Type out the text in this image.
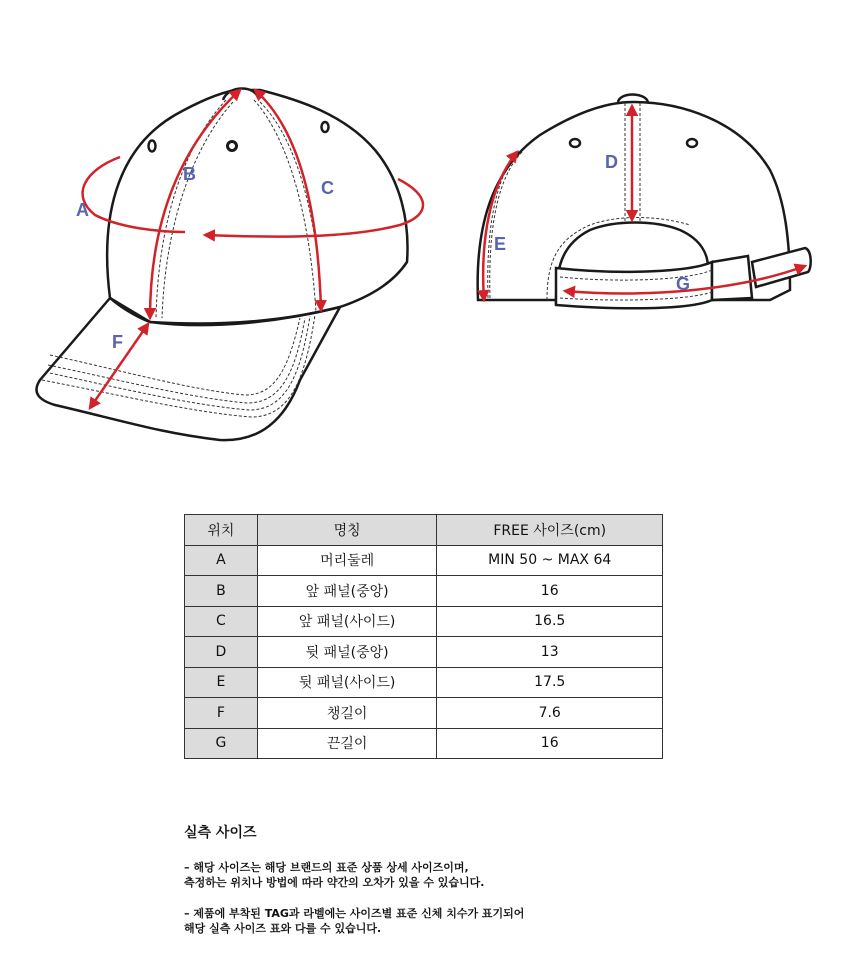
A
B
C
F
D
E
G
위치	명칭	FREE 사이즈(cm)
A	머리둘레	MIN 50 ~ MAX 64
B	앞 패널(중앙)	16
C	앞 패널(사이드)	16.5
D	뒷 패널(중앙)	13
E	뒷 패널(사이드)	17.5
F	챙길이	7.6
G	끈길이	16
실측 사이즈

– 해당 사이즈는 해당 브랜드의 표준 상품 상세 사이즈이며,
측정하는 위치나 방법에 따라 약간의 오차가 있을 수 있습니다.

– 제품에 부착된 TAG과 라벨에는 사이즈별 표준 신체 치수가 표기되어
해당 실측 사이즈 표와 다를 수 있습니다.
